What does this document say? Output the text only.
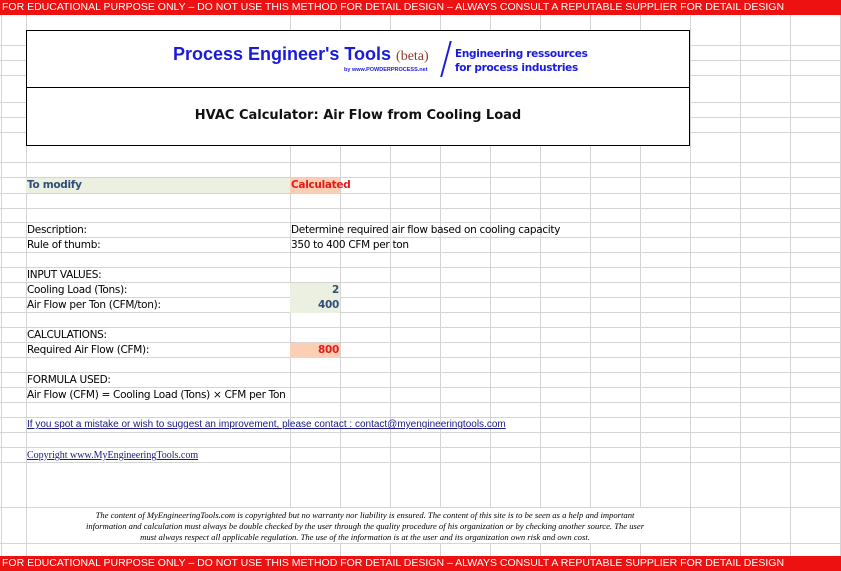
FOR EDUCATIONAL PURPOSE ONLY – DO NOT USE THIS METHOD FOR DETAIL DESIGN – ALWAYS CONSULT A REPUTABLE SUPPLIER FOR DETAIL DESIGN
Process Engineer's Tools (beta)
by www.POWDERPROCESS.net
Engineering ressources
for process industries
HVAC Calculator: Air Flow from Cooling Load
To modify	Calculated
Description:	Determine required air flow based on cooling capacity
Rule of thumb:	350 to 400 CFM per ton
INPUT VALUES:
Cooling Load (Tons):	2
Air Flow per Ton (CFM/ton):	400
CALCULATIONS:
Required Air Flow (CFM):	800
FORMULA USED:
Air Flow (CFM) = Cooling Load (Tons) × CFM per Ton
If you spot a mistake or wish to suggest an improvement, please contact : contact@myengineeringtools.com
Copyright www.MyEngineeringTools.com
The content of MyEngineeringTools.com is copyrighted but no warranty nor liability is ensured. The content of this site is to be seen as a help and important
information and calculation must always be double checked by the user through the quality procedure of his organization or by checking another source. The user
must always respect all applicable regulation. The use of the information is at the user and its organization own risk and own cost.
FOR EDUCATIONAL PURPOSE ONLY – DO NOT USE THIS METHOD FOR DETAIL DESIGN – ALWAYS CONSULT A REPUTABLE SUPPLIER FOR DETAIL DESIGN
